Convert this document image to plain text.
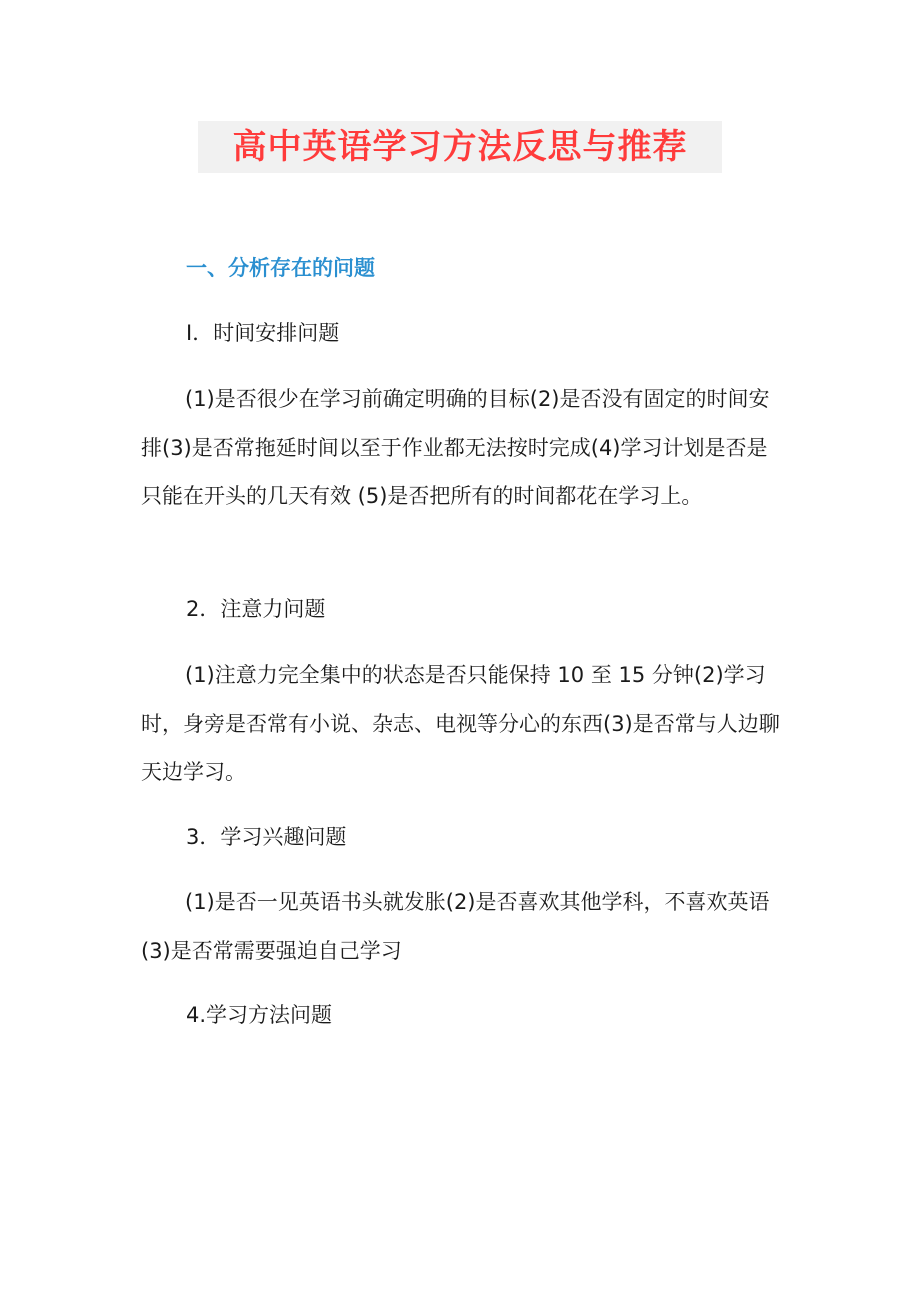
高中英语学习方法反思与推荐
一、分析存在的问题
I．时间安排问题

(1)是否很少在学习前确定明确的目标(2)是否没有固定的时间安排(3)是否常拖延时间以至于作业都无法按时完成(4)学习计划是否是只能在开头的几天有效 (5)是否把所有的时间都花在学习上。

2．注意力问题

(1)注意力完全集中的状态是否只能保持 10 至 15 分钟(2)学习时，身旁是否常有小说、杂志、电视等分心的东西(3)是否常与人边聊天边学习。

3．学习兴趣问题

(1)是否一见英语书头就发胀(2)是否喜欢其他学科，不喜欢英语(3)是否常需要强迫自己学习

4.学习方法问题
